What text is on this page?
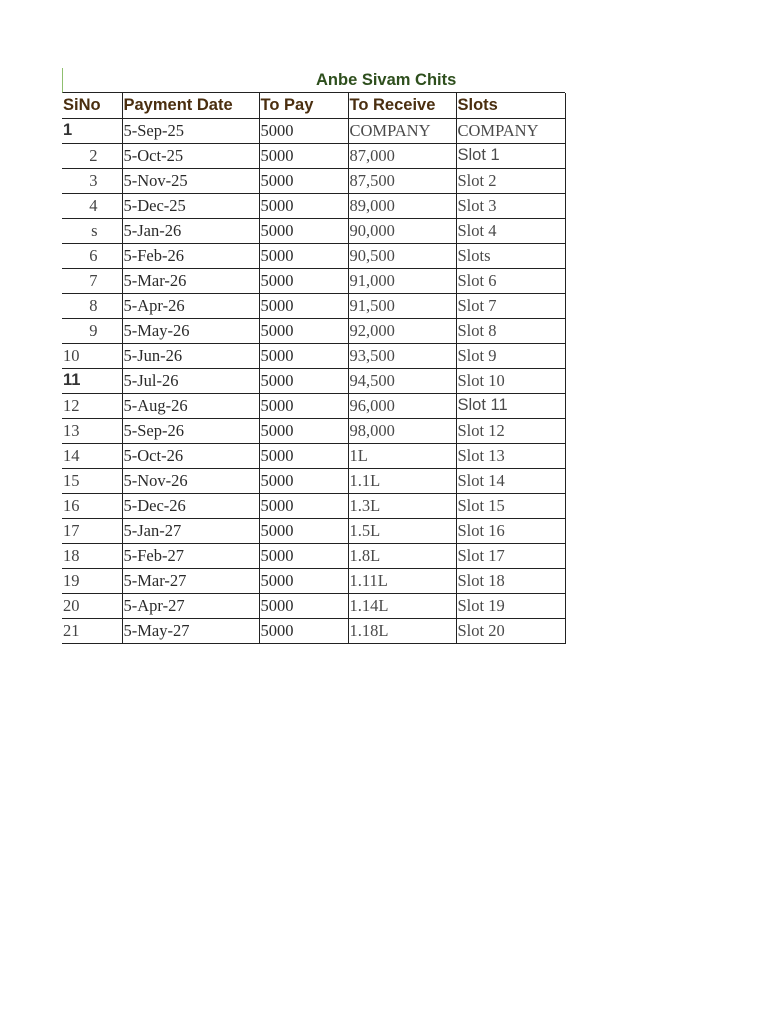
Anbe Sivam Chits
SiNo	Payment Date	To Pay	To Receive	Slots
1	5-Sep-25	5000	COMPANY	COMPANY
2	5-Oct-25	5000	87,000	Slot 1
3	5-Nov-25	5000	87,500	Slot 2
4	5-Dec-25	5000	89,000	Slot 3
s	5-Jan-26	5000	90,000	Slot 4
6	5-Feb-26	5000	90,500	Slots
7	5-Mar-26	5000	91,000	Slot 6
8	5-Apr-26	5000	91,500	Slot 7
9	5-May-26	5000	92,000	Slot 8
10	5-Jun-26	5000	93,500	Slot 9
11	5-Jul-26	5000	94,500	Slot 10
12	5-Aug-26	5000	96,000	Slot 11
13	5-Sep-26	5000	98,000	Slot 12
14	5-Oct-26	5000	1L	Slot 13
15	5-Nov-26	5000	1.1L	Slot 14
16	5-Dec-26	5000	1.3L	Slot 15
17	5-Jan-27	5000	1.5L	Slot 16
18	5-Feb-27	5000	1.8L	Slot 17
19	5-Mar-27	5000	1.11L	Slot 18
20	5-Apr-27	5000	1.14L	Slot 19
21	5-May-27	5000	1.18L	Slot 20
